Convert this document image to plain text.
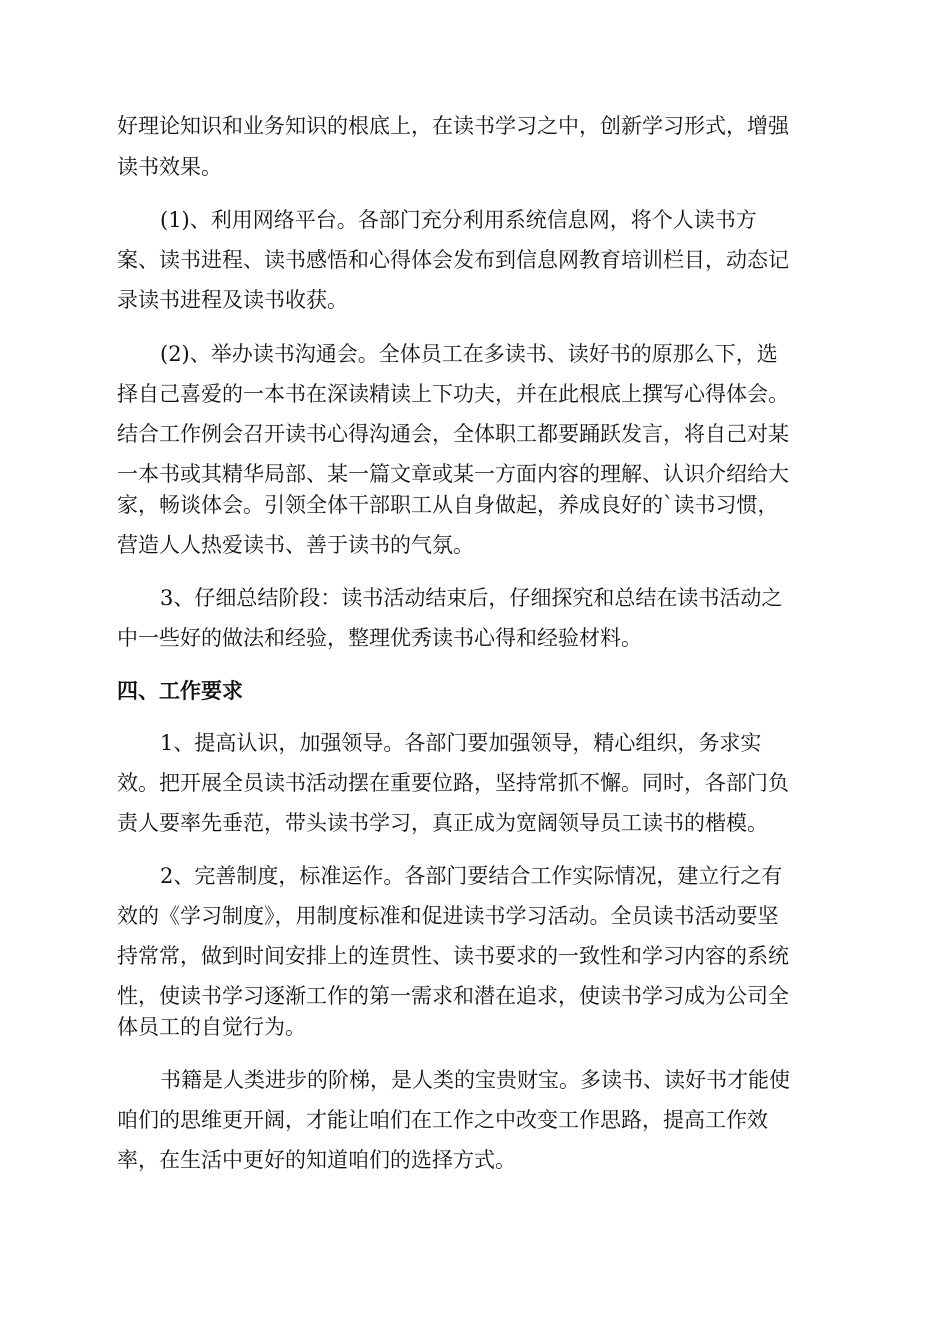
好理论知识和业务知识的根底上，在读书学习之中，创新学习形式，增强

读书效果。

(1)、利用网络平台。各部门充分利用系统信息网，将个人读书方

案、读书进程、读书感悟和心得体会发布到信息网教育培训栏目，动态记

录读书进程及读书收获。

(2)、举办读书沟通会。全体员工在多读书、读好书的原那么下，选

择自己喜爱的一本书在深读精读上下功夫，并在此根底上撰写心得体会。

结合工作例会召开读书心得沟通会，全体职工都要踊跃发言，将自己对某

一本书或其精华局部、某一篇文章或某一方面内容的理解、认识介绍给大

家，畅谈体会。引领全体干部职工从自身做起，养成良好的`读书习惯，

营造人人热爱读书、善于读书的气氛。

3、仔细总结阶段：读书活动结束后，仔细探究和总结在读书活动之

中一些好的做法和经验，整理优秀读书心得和经验材料。

四、工作要求

1、提高认识，加强领导。各部门要加强领导，精心组织，务求实

效。把开展全员读书活动摆在重要位路，坚持常抓不懈。同时，各部门负

责人要率先垂范，带头读书学习，真正成为宽阔领导员工读书的楷模。

2、完善制度，标准运作。各部门要结合工作实际情况，建立行之有

效的《学习制度》，用制度标准和促进读书学习活动。全员读书活动要坚

持常常，做到时间安排上的连贯性、读书要求的一致性和学习内容的系统

性，使读书学习逐渐工作的第一需求和潜在追求，使读书学习成为公司全

体员工的自觉行为。

书籍是人类进步的阶梯，是人类的宝贵财宝。多读书、读好书才能使

咱们的思维更开阔，才能让咱们在工作之中改变工作思路，提高工作效

率，在生活中更好的知道咱们的选择方式。
